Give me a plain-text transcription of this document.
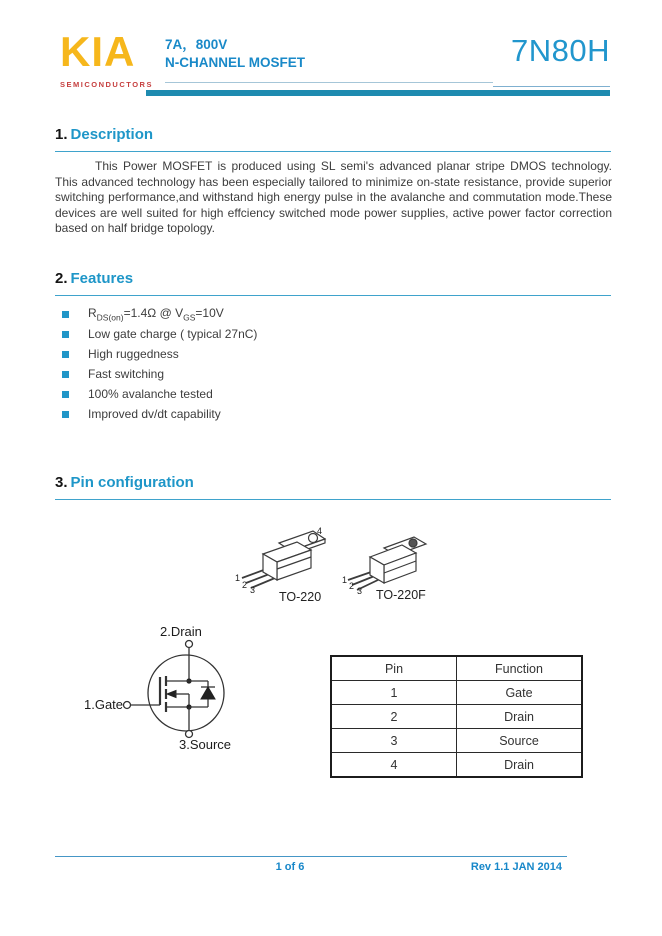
KIA
SEMICONDUCTORS
7A，800V
N-CHANNEL MOSFET	7N80H
1. Description
This Power MOSFET is produced using SL semi's advanced planar stripe DMOS technology. This advanced technology has been especially tailored to minimize on-state resistance, provide superior switching performance,and withstand high energy pulse in the avalanche and commutation mode.These devices are well suited for high effciency switched mode power supplies, active power factor correction based on half bridge topology.
2. Features
$R_{DS(on)}=1.4\Omega$ @ $V_{GS}=10V$
Low gate charge ( typical 27nC)
High ruggedness
Fast switching
100% avalanche tested
Improved dv/dt capability
3. Pin configuration
1
2 3
4
TO-220
1
2 3 TO-220F
2.Drain
1.Gate
3.Source
Pin	Function
1	Gate
2	Drain
3	Source
4	Drain
1 of 6	Rev 1.1 JAN 2014
